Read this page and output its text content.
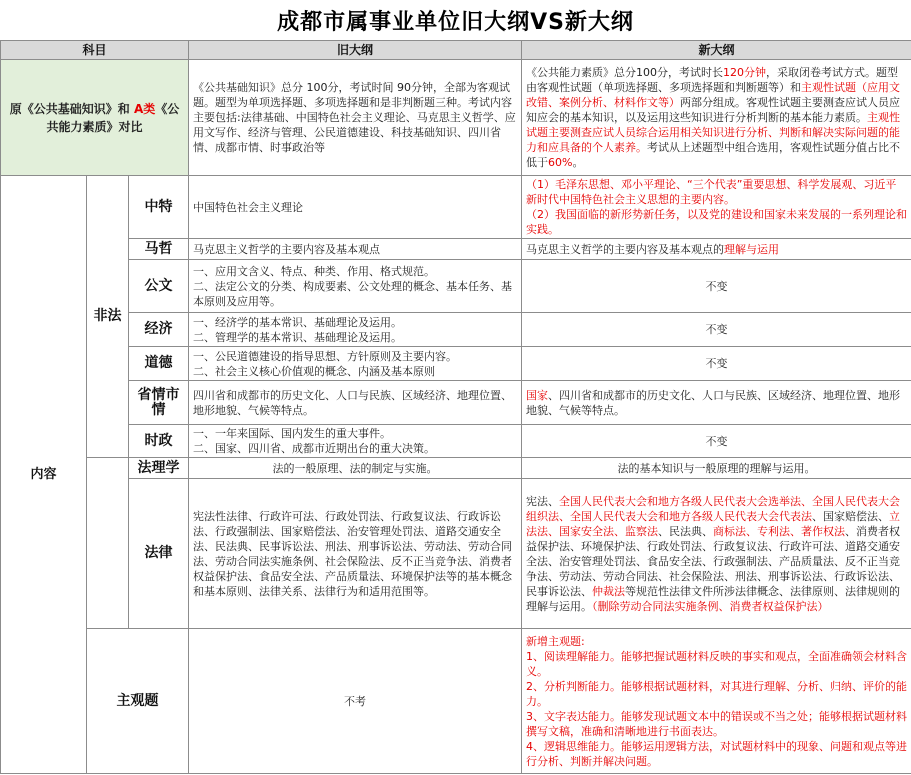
成都市属事业单位旧大纲VS新大纲
科目			旧大纲	新大纲
原《公共基础知识》和 A类《公共能力素质》对比			《公共基础知识》总分 100分，考试时间 90分钟，全部为客观试题。题型为单项选择题、多项选择题和是非判断题三种。考试内容主要包括:法律基础、中国特色社会主义理论、马克思主义哲学、应用文写作、经济与管理、公民道德建设、科技基础知识、四川省情、成都市情、时事政治等	《公共能力素质》总分100分，考试时长120分钟，采取闭卷考试方式。题型由客观性试题（单项选择题、多项选择题和判断题等）和主观性试题（应用文改错、案例分析、材料作文等）两部分组成。客观性试题主要测查应试人员应知应会的基本知识，以及运用这些知识进行分析判断的基本能力素质。主观性试题主要测查应试人员综合运用相关知识进行分析、判断和解决实际问题的能力和应具备的个人素养。考试从上述题型中组合选用，客观性试题分值占比不低于60%。
内容	非法	中特	中国特色社会主义理论	（1）毛泽东思想、邓小平理论、“三个代表”重要思想、科学发展观、习近平新时代中国特色社会主义思想的主要内容。

（2）我国面临的新形势新任务，以及党的建设和国家未来发展的一系列理论和实践。

		马哲	马克思主义哲学的主要内容及基本观点	马克思主义哲学的主要内容及基本观点的理解与运用
		公文	一、应用文含义、特点、种类、作用、格式规范。

二、法定公文的分类、构成要素、公文处理的概念、基本任务、基本原则及应用等。	不变
		经济	一、经济学的基本常识、基础理论及运用。

二、管理学的基本常识、基础理论及运用。	不变
		道德	一、公民道德建设的指导思想、方针原则及主要内容。

二、社会主义核心价值观的概念、内涵及基本原则	不变
		省情市情	四川省和成都市的历史文化、人口与民族、区域经济、地理位置、地形地貌、气候等特点。	国家、四川省和成都市的历史文化、人口与民族、区域经济、地理位置、地形地貌、气候等特点。
		时政	一、一年来国际、国内发生的重大事件。

二、国家、四川省、成都市近期出台的重大决策。	不变
		法理学	法的一般原理、法的制定与实施。	法的基本知识与一般原理的理解与运用。
		法律	宪法性法律、行政许可法、行政处罚法、行政复议法、行政诉讼法、行政强制法、国家赔偿法、治安管理处罚法、道路交通安全法、民法典、民事诉讼法、刑法、刑事诉讼法、劳动法、劳动合同法、劳动合同法实施条例、社会保险法、反不正当竞争法、消费者权益保护法、食品安全法、产品质量法、环境保护法等的基本概念和基本原则、法律关系、法律行为和适用范围等。	宪法、全国人民代表大会和地方各级人民代表大会选举法、全国人民代表大会组织法、全国人民代表大会和地方各级人民代表大会代表法、国家赔偿法、立法法、国家安全法、监察法、民法典、商标法、专利法、著作权法、消费者权益保护法、环境保护法、行政处罚法、行政复议法、行政许可法、道路交通安全法、治安管理处罚法、食品安全法、行政强制法、产品质量法、反不正当竞争法、劳动法、劳动合同法、社会保险法、刑法、刑事诉讼法、行政诉讼法、民事诉讼法、仲裁法等规范性法律文件所涉法律概念、法律原则、法律规则的理解与运用。（删除劳动合同法实施条例、消费者权益保护法）
	主观题		不考	新增主观题:

1、阅读理解能力。能够把握试题材料反映的事实和观点，全面准确领会材料含义。

2、分析判断能力。能够根据试题材料，对其进行理解、分析、归纳、评价的能力。

3、文字表达能力。能够发现试题文本中的错误或不当之处；能够根据试题材料撰写文稿，准确和清晰地进行书面表达。

4、逻辑思维能力。能够运用逻辑方法，对试题材料中的现象、问题和观点等进行分析、判断并解决问题。
